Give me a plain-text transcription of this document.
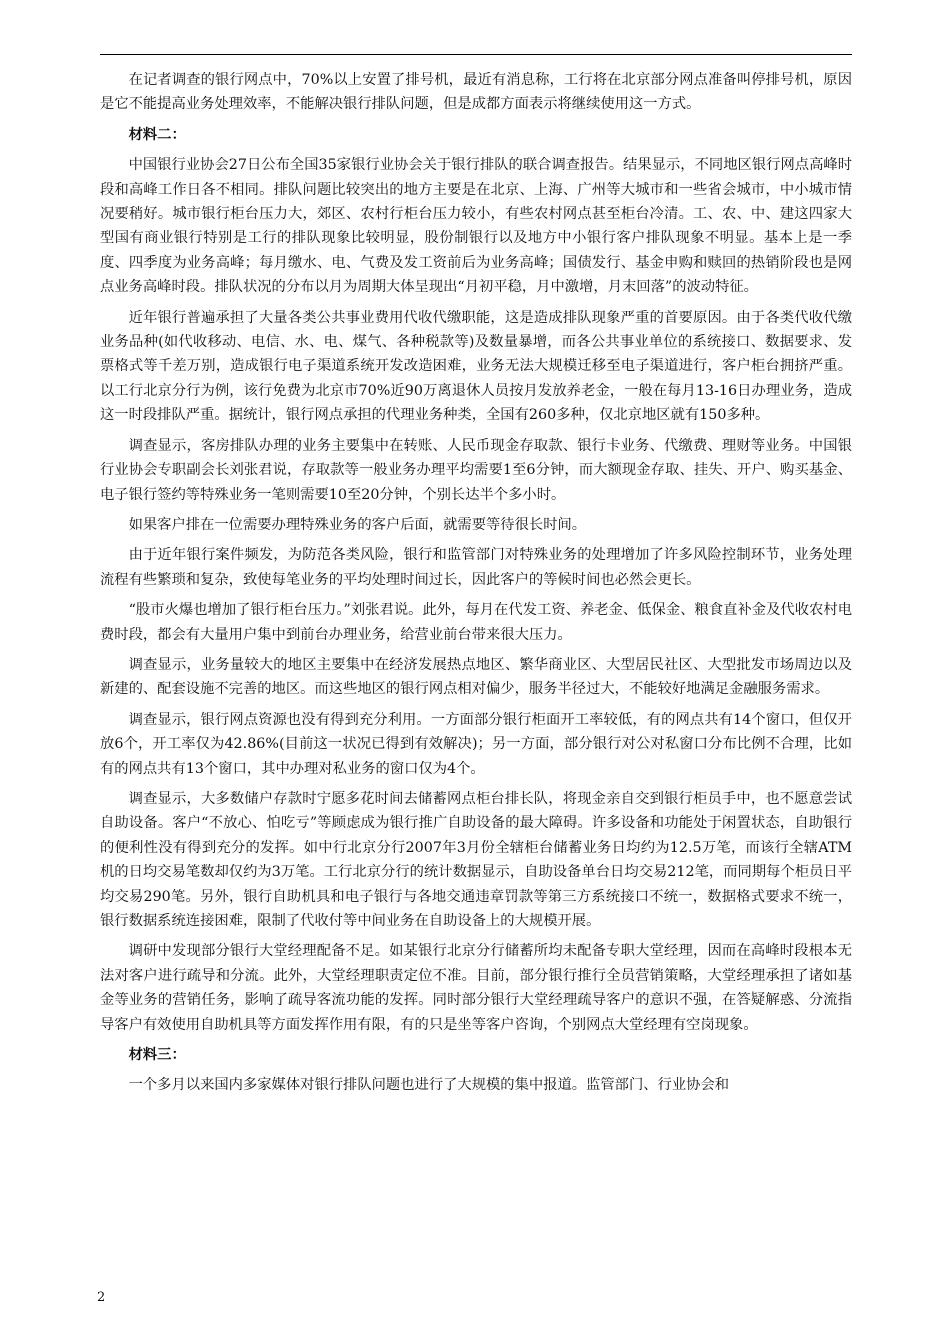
在记者调查的银行网点中，70%以上安置了排号机，最近有消息称，工行将在北京部分网点准备叫停排号机，原因是它不能提高业务处理效率，不能解决银行排队问题，但是成都方面表示将继续使用这一方式。

材料二：

中国银行业协会27日公布全国35家银行业协会关于银行排队的联合调查报告。结果显示，不同地区银行网点高峰时段和高峰工作日各不相同。排队问题比较突出的地方主要是在北京、上海、广州等大城市和一些省会城市，中小城市情况要稍好。城市银行柜台压力大，郊区、农村行柜台压力较小，有些农村网点甚至柜台冷清。工、农、中、建这四家大型国有商业银行特别是工行的排队现象比较明显，股份制银行以及地方中小银行客户排队现象不明显。基本上是一季度、四季度为业务高峰；每月缴水、电、气费及发工资前后为业务高峰；国债发行、基金申购和赎回的热销阶段也是网点业务高峰时段。排队状况的分布以月为周期大体呈现出“月初平稳，月中激增，月末回落”的波动特征。

近年银行普遍承担了大量各类公共事业费用代收代缴职能，这是造成排队现象严重的首要原因。由于各类代收代缴业务品种(如代收移动、电信、水、电、煤气、各种税款等)及数量暴增，而各公共事业单位的系统接口、数据要求、发票格式等千差万别，造成银行电子渠道系统开发改造困难，业务无法大规模迁移至电子渠道进行，客户柜台拥挤严重。以工行北京分行为例，该行免费为北京市70%近90万离退休人员按月发放养老金，一般在每月13-16日办理业务，造成这一时段排队严重。据统计，银行网点承担的代理业务种类，全国有260多种，仅北京地区就有150多种。

调查显示，客房排队办理的业务主要集中在转账、人民币现金存取款、银行卡业务、代缴费、理财等业务。中国银行业协会专职副会长刘张君说，存取款等一般业务办理平均需要1至6分钟，而大额现金存取、挂失、开户、购买基金、电子银行签约等特殊业务一笔则需要10至20分钟，个别长达半个多小时。

如果客户排在一位需要办理特殊业务的客户后面，就需要等待很长时间。

由于近年银行案件频发，为防范各类风险，银行和监管部门对特殊业务的处理增加了许多风险控制环节，业务处理流程有些繁琐和复杂，致使每笔业务的平均处理时间过长，因此客户的等候时间也必然会更长。

“股市火爆也增加了银行柜台压力。”刘张君说。此外，每月在代发工资、养老金、低保金、粮食直补金及代收农村电费时段，都会有大量用户集中到前台办理业务，给营业前台带来很大压力。

调查显示，业务量较大的地区主要集中在经济发展热点地区、繁华商业区、大型居民社区、大型批发市场周边以及新建的、配套设施不完善的地区。而这些地区的银行网点相对偏少，服务半径过大，不能较好地满足金融服务需求。

调查显示，银行网点资源也没有得到充分利用。一方面部分银行柜面开工率较低，有的网点共有14个窗口，但仅开放6个，开工率仅为42.86%(目前这一状况已得到有效解决)；另一方面，部分银行对公对私窗口分布比例不合理，比如有的网点共有13个窗口，其中办理对私业务的窗口仅为4个。

调查显示，大多数储户存款时宁愿多花时间去储蓄网点柜台排长队，将现金亲自交到银行柜员手中，也不愿意尝试自助设备。客户“不放心、怕吃亏”等顾虑成为银行推广自助设备的最大障碍。许多设备和功能处于闲置状态，自助银行的便利性没有得到充分的发挥。如中行北京分行2007年3月份全辖柜台储蓄业务日均约为12.5万笔，而该行全辖ATM机的日均交易笔数却仅约为3万笔。工行北京分行的统计数据显示，自助设备单台日均交易212笔，而同期每个柜员日平均交易290笔。另外，银行自助机具和电子银行与各地交通违章罚款等第三方系统接口不统一，数据格式要求不统一，银行数据系统连接困难，限制了代收付等中间业务在自助设备上的大规模开展。

调研中发现部分银行大堂经理配备不足。如某银行北京分行储蓄所均未配备专职大堂经理，因而在高峰时段根本无法对客户进行疏导和分流。此外，大堂经理职责定位不准。目前，部分银行推行全员营销策略，大堂经理承担了诸如基金等业务的营销任务，影响了疏导客流功能的发挥。同时部分银行大堂经理疏导客户的意识不强，在答疑解惑、分流指导客户有效使用自助机具等方面发挥作用有限，有的只是坐等客户咨询，个别网点大堂经理有空岗现象。

材料三：

一个多月以来国内多家媒体对银行排队问题也进行了大规模的集中报道。监管部门、行业协会和

2
